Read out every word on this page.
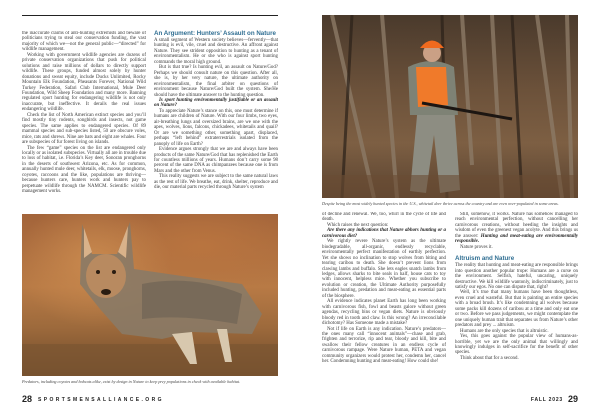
the inaccurate claims of anti-hunting extremists and beware of politicians trying to steal our conservation funding, the vast majority of which we—not the general public—“directed” for wildlife management.

Working with government wildlife agencies are dozens of private conservation organizations that push for political solutions and raise millions of dollars to directly support wildlife. These groups, funded almost solely by hunter donations and sweat equity, include Ducks Unlimited, Rocky Mountain Elk Foundation, Pheasants Forever, National Wild Turkey Federation, Safari Club International, Mule Deer Foundation, Wild Sheep Foundation and many more. Banning regulated sport hunting for endangering wildlife is not only inaccurate, but ineffective. It derails the real issues endangering wildlife.

Check the list of North American extinct species and you’ll find mostly tiny rodents, songbirds and insects, not game species. The same applies to endangered species. Of 89 mammal species and sub-species listed, 50 are obscure voles, mice, rats and shrews. Nine are bats and eight are whales. Four are subspecies of fur forest living on islands.

The few “game” species on the list are endangered only locally or as isolated subspecies. Virtually all are in trouble due to loss of habitat, i.e. Florida’s Key deer, Sonoran pronghorns in the deserts of southwest Arizona, etc. As for common, annually hunted mule deer, whitetails, elk, moose, pronghorns, coyotes, raccoons and the like, populations are thriving—because hunters care, hunters work and hunters pay to perpetuate wildlife through the NAMCM. Scientific wildlife management works.

An Argument: Hunters’ Assault on Nature

A small segment of Western society believes—fervently—that hunting is evil, vile, cruel and destructive. An affront against Nature. They see strident opposition to hunting as a tenant of environmentalism. He or she who is against sport hunting commands the moral high ground.

But is that true? Is hunting evil, an assault on Nature/God? Perhaps we should consult nature on this question. After all, she is, by her very nature, the ultimate authority on environmentalism, the final arbiter on questions of environment because Nature/God built the system. She/He should have the ultimate answer to the hunting question.

Is sport hunting environmentally justifiable or an assault on Nature?

To appreciate Nature’s stance on this, one must determine if humans are children of Nature. With our four limbs, two eyes, air-breathing lungs and oversized brains, are we one with the apes, wolves, lions, falcons, chickadees, whitetails and quail? Or are we something other, something apart, displaced, perhaps “left behind” extraterrestrials isolated from the panoply of life on Earth?

Evidence argues strongly that we are and always have been products of the same Nature/God that has replenished the Earth for countless millions of years. Humans don’t carry some 98 percent of the same DNA as chimpanzees because one is from Mars and the other from Venus.

This reality suggests we are subject to the same natural laws as the rest of life. We breathe, eat, drink, shelter, reproduce and die, our material parts recycled through Nature’s system

Predators, including coyotes and bobcats alike, exist by design in Nature to keep prey populations in check with available habitat.
28 SPORTSMENSALLIANCE.ORG
Despite being the most widely hunted species in the U.S., whitetail deer thrive across the country and are even over-populated in some areas.

of decline and renewal. We, too, whirl in the cycle of life and death.

Which raises the next question:

Are there any indications that Nature abhors hunting or a carnivorous diet?

We rightly revere Nature’s system as the ultimate biodegradable, all-organic, endlessly recyclable, environmentally perfect manifestation of earthly perfection. Yet she shows no inclination to stop wolves from biting and tearing caribou to death. She doesn’t prevent lions from clawing lambs and buffalo. She lets eagles snatch lambs from ledges, allows sharks to bite seals in half, house cats to toy with innocent, helpless mice. Whether you subscribe to evolution or creation, the Ultimate Authority purposefully included hunting, predation and meat-eating as essential parts of the biosphere.

All evidence indicates planet Earth has long been working with carnivorous fish, fowl and beasts galore without green agendas, recycling bins or vegan diets. Nature is obviously bloody red in tooth and claw. Is this wrong? An irreconcilable dichotomy? Has Someone made a mistake?

Not if life on Earth is any indication. Nature’s predators—the ones many call “innocent animals”—chase and grab, frighten and terrorize, rip and tear, bloody and kill, bite and swallow their fellow creatures in an endless cycle of carnivorous rampage. Were Nature human, PETA and vegan community organizers would protest her, condemn her, cancel her. Condemning hunting and meat-eating! How could she!

Still, somehow, it works. Nature has somehow managed to reach environmental perfection, without cancelling her carnivorous creations, without heeding the insights and wisdom of even the greenest vegan acolyte. And this brings us the answer: Hunting and meat-eating are environmentally responsible.

Nature proves it.

Altruism and Nature

The reality that hunting and meat-eating are responsible brings into question another popular trope: Humans are a curse on the environment. Selfish, hateful, uncaring, uniquely destructive. We kill wildlife wantonly, indiscriminately, just to satisfy our egos. No one can dispute that, right?

Well, it’s true that many humans have been thoughtless, even cruel and wasteful. But that is painting an entire species with a broad brush. It’s like condemning all wolves because some packs kill dozens of caribou at a time and only eat one or two. Before we pass judgements, we might contemplate the one uniquely human trait that separates us from Nature’s other predators and prey ... altruism.

Humans are the only species that is altruistic.

Yes, this goes against the popular view of humans-as-horrible, yet we are the only animal that willingly and knowingly indulges in self-sacrifice for the benefit of other species.

Think about that for a second.

FALL 2023 29
